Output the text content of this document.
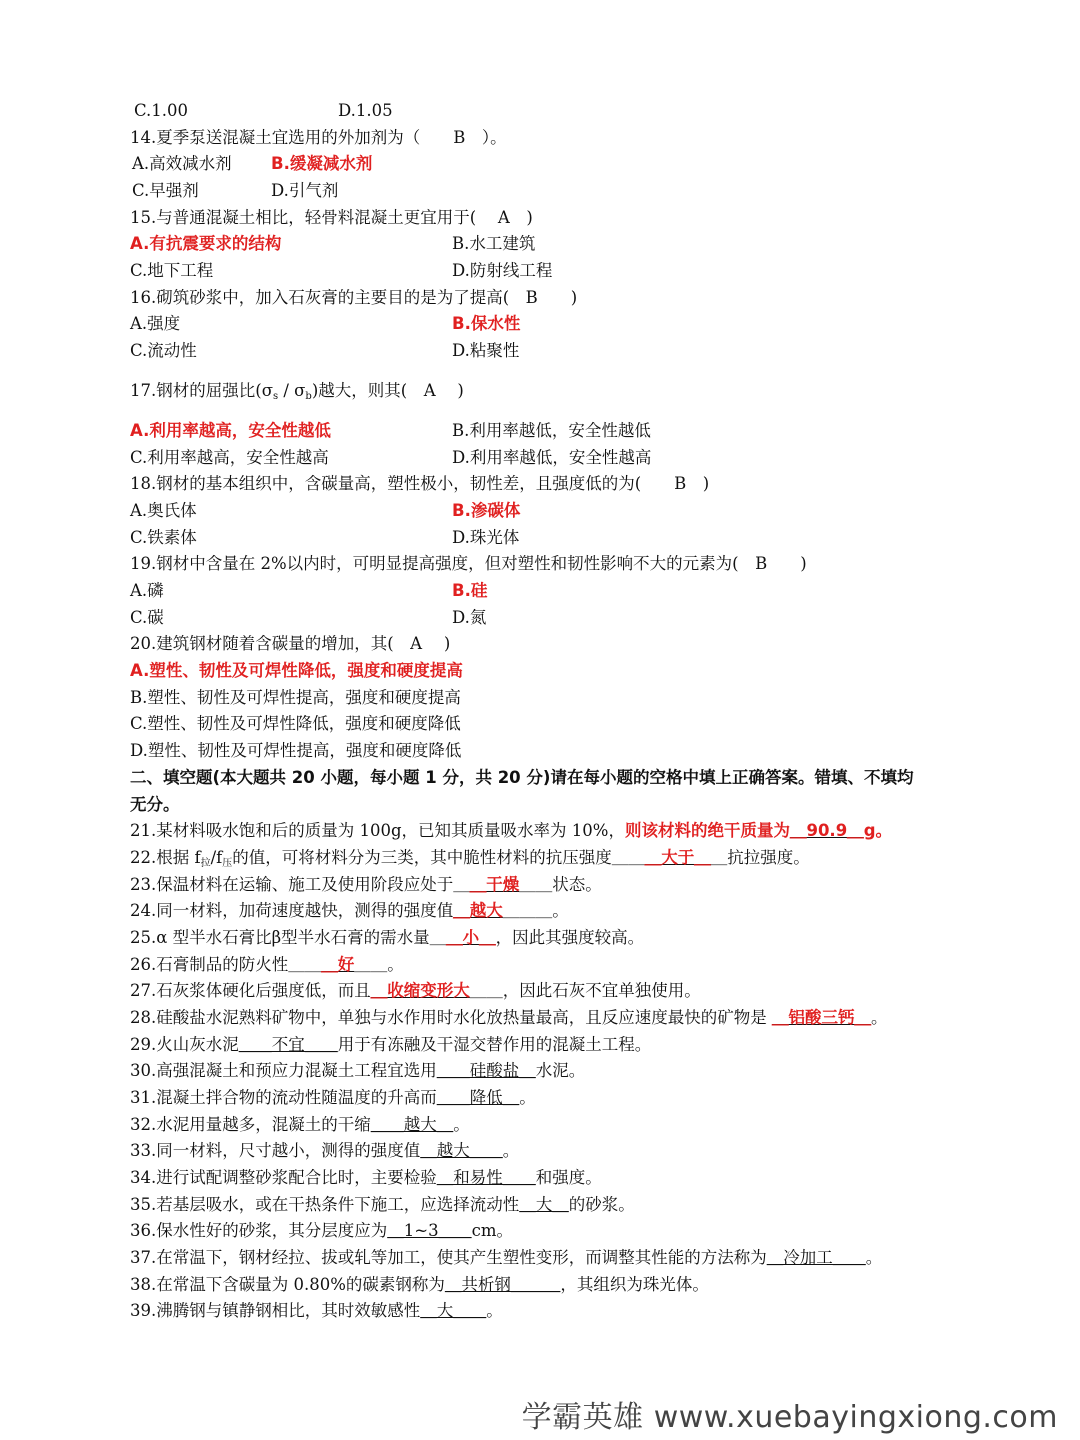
C.1.00	D.1.05
14.夏季泵送混凝土宜选用的外加剂为（　　B　）。
A.高效减水剂 B.缓凝减水剂
C.早强剂	D.引气剂
15.与普通混凝土相比，轻骨料混凝土更宜用于(　 A　)
A.有抗震要求的结构	B.水工建筑
C.地下工程	D.防射线工程
16.砌筑砂浆中，加入石灰膏的主要目的是为了提高(　B　　)
A.强度	B.保水性
C.流动性	D.粘聚性
17.钢材的屈强比$(\sigma_s / \sigma_b)$越大，则其(　A　 )
A.利用率越高，安全性越低	B.利用率越低，安全性越低
C.利用率越高，安全性越高	D.利用率越低，安全性越高
18.钢材的基本组织中，含碳量高，塑性极小，韧性差，且强度低的为(　　B　)
A.奥氏体	B.渗碳体
C.铁素体	D.珠光体
19.钢材中含量在 2%以内时，可明显提高强度，但对塑性和韧性影响不大的元素为(　B　　)
A.磷	B.硅
C.碳	D.氮
20.建筑钢材随着含碳量的增加，其(　A　 )
A.塑性、韧性及可焊性降低，强度和硬度提高
B.塑性、韧性及可焊性提高，强度和硬度提高
C.塑性、韧性及可焊性降低，强度和硬度降低
D.塑性、韧性及可焊性提高，强度和硬度降低
二、填空题(本大题共 20 小题，每小题 1 分，共 20 分)请在每小题的空格中填上正确答案。错填、不填均
无分。
21.某材料吸水饱和后的质量为 100g，已知其质量吸水率为 10%，则该材料的绝干质量为＿90.9＿g。
22.根据 $f_拉/f_压$的值，可将材料分为三类，其中脆性材料的抗压强度＿＿＿大于＿＿抗拉强度。
23.保温材料在运输、施工及使用阶段应处于＿＿干燥＿＿状态。
24.同一材料，加荷速度越快，测得的强度值＿越大＿＿＿。
25.α 型半水石膏比β型半水石膏的需水量＿＿小＿，因此其强度较高。
26.石膏制品的防火性＿＿＿好＿＿。
27.石灰浆体硬化后强度低，而且＿收缩变形大＿＿，因此石灰不宜单独使用。
28.硅酸盐水泥熟料矿物中，单独与水作用时水化放热量最高，且反应速度最快的矿物是 ＿铝酸三钙＿。
29.火山灰水泥＿＿不宜＿＿用于有冻融及干湿交替作用的混凝土工程。
30.高强混凝土和预应力混凝土工程宜选用＿＿硅酸盐＿水泥。
31.混凝土拌合物的流动性随温度的升高而＿＿降低＿。
32.水泥用量越多，混凝土的干缩＿＿越大＿。
33.同一材料，尺寸越小，测得的强度值＿越大＿＿。
34.进行试配调整砂浆配合比时，主要检验＿和易性＿＿和强度。
35.若基层吸水，或在干热条件下施工，应选择流动性＿大＿的砂浆。
36.保水性好的砂浆，其分层度应为＿1~3＿＿cm。
37.在常温下，钢材经拉、拔或轧等加工，使其产生塑性变形，而调整其性能的方法称为＿冷加工＿＿。
38.在常温下含碳量为 0.80%的碳素钢称为＿共析钢＿＿＿，其组织为珠光体。
39.沸腾钢与镇静钢相比，其时效敏感性＿大＿＿。
学霸英雄 www.xuebayingxiong.com
